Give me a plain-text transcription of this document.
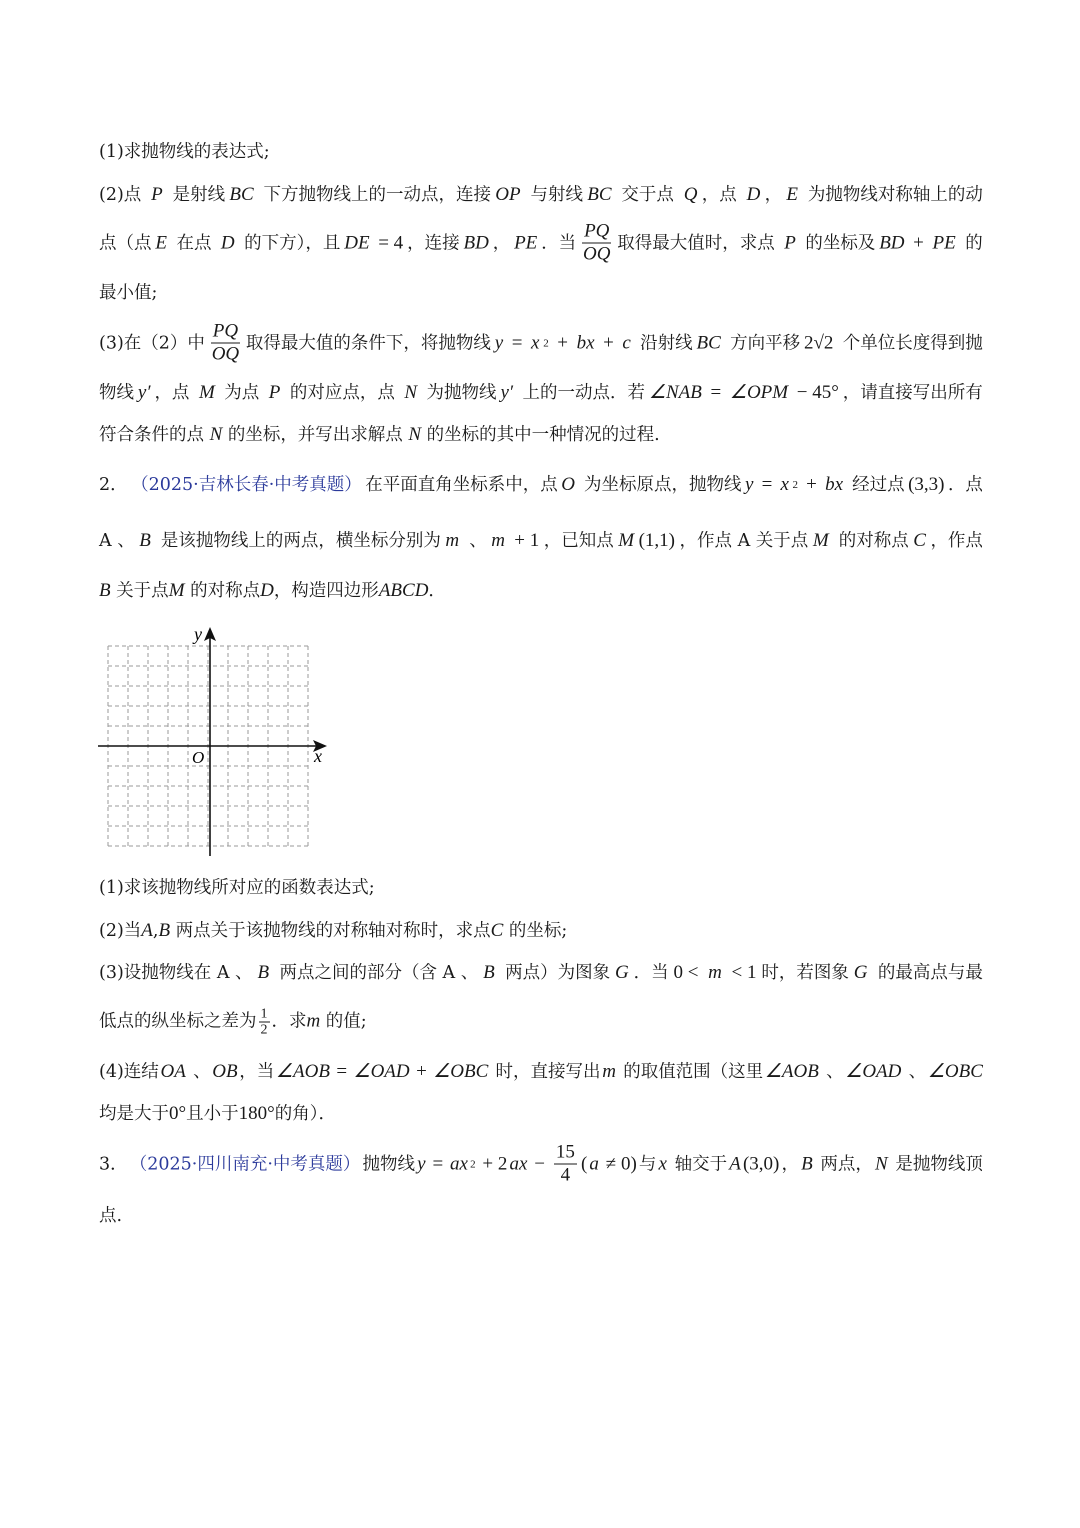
(1)求抛物线的表达式;
(2)点 P 是射线 BC 下方抛物线上的一动点，连接 OP 与射线 BC 交于点 Q ，点 D ， E 为抛物线对称轴上的动
点（点 E 在点 D 的下方），且 DE = 4 ，连接 BD ， PE ．当 $\frac{PQ}{OQ}$ 取得最大值时，求点 P 的坐标及 BD + PE 的
最小值;
(3)在（2）中 $\frac{PQ}{OQ}$ 取得最大值的条件下，将抛物线 y = x 2 + bx + c 沿射线 BC 方向平移 2√2 个单位长度得到抛
物线 y′ ，点 M 为点 P 的对应点，点 N 为抛物线 y′ 上的一动点．若 ∠NAB = ∠OPM − 45° ，请直接写出所有
符合条件的点 N 的坐标，并写出求解点 N 的坐标的其中一种情况的过程.
2． （2025·吉林长春·中考真题） 在平面直角坐标系中，点 O 为坐标原点，抛物线 y = x 2 + bx 经过点 (3,3) ．点
A 、 B 是该抛物线上的两点，横坐标分别为 m 、 m + 1 ，已知点 M (1,1) ，作点 A 关于点 M 的对称点 C ，作点
B 关于点M 的对称点D，构造四边形ABCD．
(1)求该抛物线所对应的函数表达式;
(2)当A,B 两点关于该抛物线的对称轴对称时，求点C 的坐标;
(3)设抛物线在 A 、 B 两点之间的部分（含 A 、 B 两点）为图象 G ．当 0 < m < 1 时，若图象 G 的最高点与最
低点的纵坐标之差为 $\frac{1}{2}$ ．求m 的值;
(4)连结 OA 、 OB ，当 ∠AOB = ∠OAD + ∠OBC 时，直接写出 m 的取值范围（这里 ∠AOB 、 ∠OAD 、 ∠OBC
均是大于0°且小于180°的角）．
3． （2025·四川南充·中考真题） 抛物线 y = ax 2 + 2 ax − $\frac{15}{4}$ ( a ≠ 0) 与 x 轴交于 A (3,0) ， B 两点， N 是抛物线顶
点.
x
y
O
